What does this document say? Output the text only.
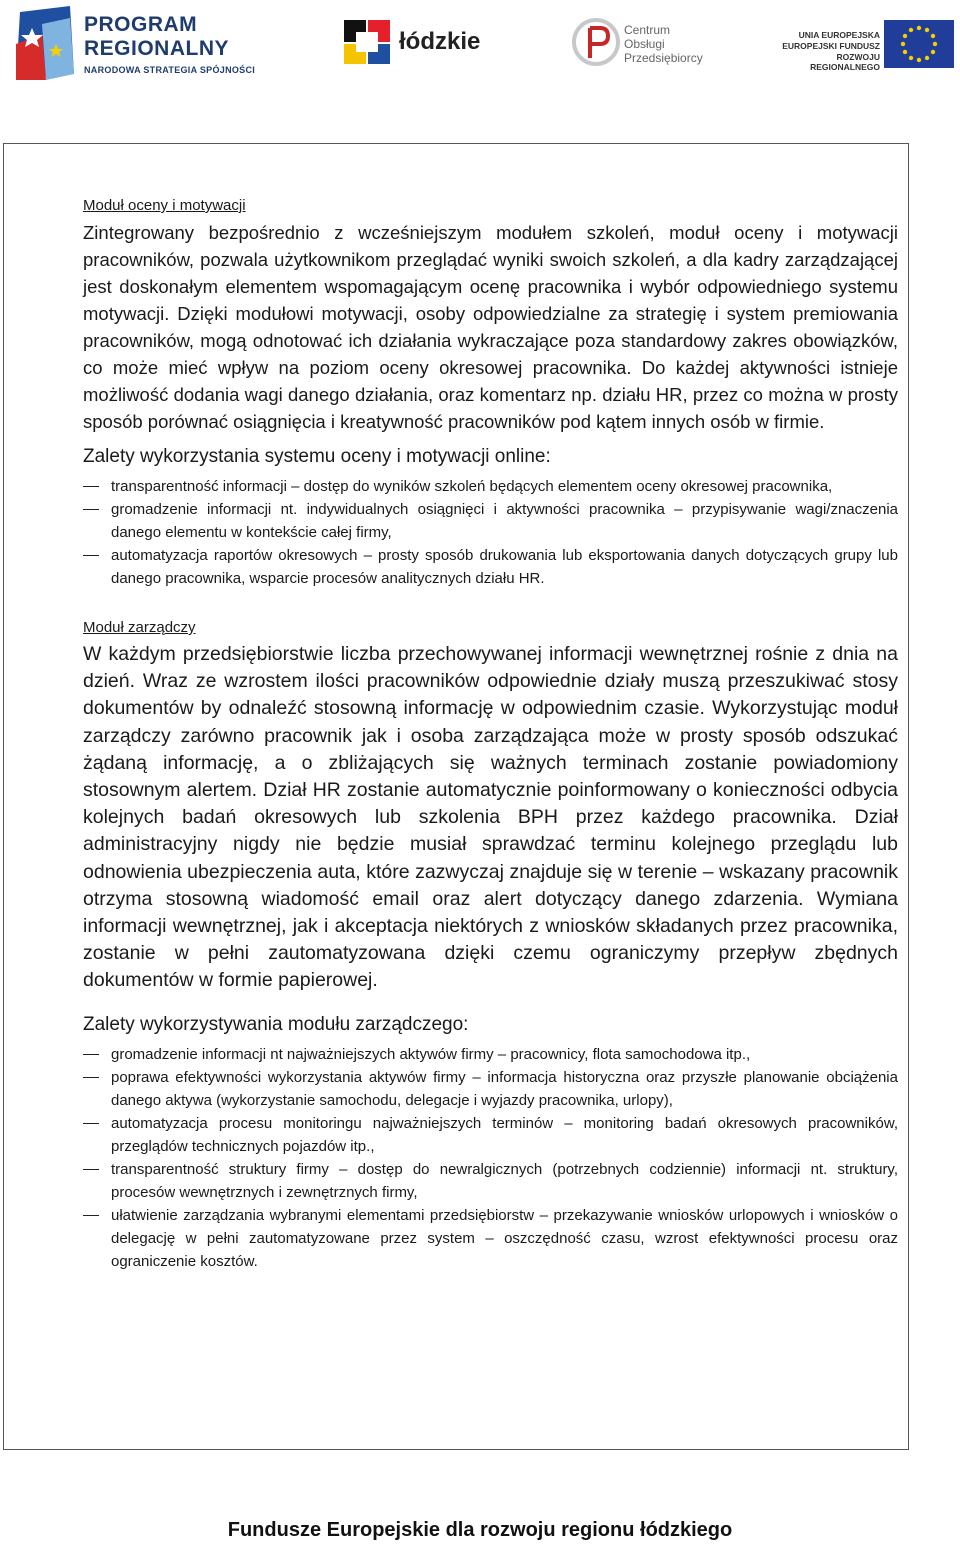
PROGRAM
REGIONALNY
NARODOWA STRATEGIA SPÓJNOŚCI
łódzkie	Centrum
Obsługi
Przedsiębiorcy
UNIA EUROPEJSKA
EUROPEJSKI FUNDUSZ
ROZWOJU REGIONALNEGO

Moduł oceny i motywacji

Zintegrowany bezpośrednio z wcześniejszym modułem szkoleń, moduł oceny i motywacji pracowników, pozwala użytkownikom przeglądać wyniki swoich szkoleń, a dla kadry zarządzającej jest doskonałym elementem wspomagającym ocenę pracownika i wybór odpowiedniego systemu motywacji. Dzięki modułowi motywacji, osoby odpowiedzialne za strategię i system premiowania pracowników, mogą odnotować ich działania wykraczające poza standardowy zakres obowiązków, co może mieć wpływ na poziom oceny okresowej pracownika. Do każdej aktywności istnieje możliwość dodania wagi danego działania, oraz komentarz np. działu HR, przez co można w prosty sposób porównać osiągnięcia i kreatywność pracowników pod kątem innych osób w firmie.

Zalety wykorzystania systemu oceny i motywacji online:

transparentność informacji – dostęp do wyników szkoleń będących elementem oceny okresowej pracownika,
gromadzenie informacji nt. indywidualnych osiągnięci i aktywności pracownika – przypisywanie wagi/znaczenia danego elementu w kontekście całej firmy,
automatyzacja raportów okresowych – prosty sposób drukowania lub eksportowania danych dotyczących grupy lub danego pracownika, wsparcie procesów analitycznych działu HR.

Moduł zarządczy

W każdym przedsiębiorstwie liczba przechowywanej informacji wewnętrznej rośnie z dnia na dzień. Wraz ze wzrostem ilości pracowników odpowiednie działy muszą przeszukiwać stosy dokumentów by odnaleźć stosowną informację w odpowiednim czasie. Wykorzystując moduł zarządczy zarówno pracownik jak i osoba zarządzająca może w prosty sposób odszukać żądaną informację, a o zbliżających się ważnych terminach zostanie powiadomiony stosownym alertem. Dział HR zostanie automatycznie poinformowany o konieczności odbycia kolejnych badań okresowych lub szkolenia BPH przez każdego pracownika. Dział administracyjny nigdy nie będzie musiał sprawdzać terminu kolejnego przeglądu lub odnowienia ubezpieczenia auta, które zazwyczaj znajduje się w terenie – wskazany pracownik otrzyma stosowną wiadomość email oraz alert dotyczący danego zdarzenia. Wymiana informacji wewnętrznej, jak i akceptacja niektórych z wniosków składanych przez pracownika, zostanie w pełni zautomatyzowana dzięki czemu ograniczymy przepływ zbędnych dokumentów w formie papierowej.

Zalety wykorzystywania modułu zarządczego:

gromadzenie informacji nt najważniejszych aktywów firmy – pracownicy, flota samochodowa itp.,
poprawa efektywności wykorzystania aktywów firmy – informacja historyczna oraz przyszłe planowanie obciążenia danego aktywa (wykorzystanie samochodu, delegacje i wyjazdy pracownika, urlopy),
automatyzacja procesu monitoringu najważniejszych terminów – monitoring badań okresowych pracowników, przeglądów technicznych pojazdów itp.,
transparentność struktury firmy – dostęp do newralgicznych (potrzebnych codziennie) informacji nt. struktury, procesów wewnętrznych i zewnętrznych firmy,
ułatwienie zarządzania wybranymi elementami przedsiębiorstw – przekazywanie wniosków urlopowych i wniosków o delegację w pełni zautomatyzowane przez system – oszczędność czasu, wzrost efektywności procesu oraz ograniczenie kosztów.
Fundusze Europejskie dla rozwoju regionu łódzkiego
